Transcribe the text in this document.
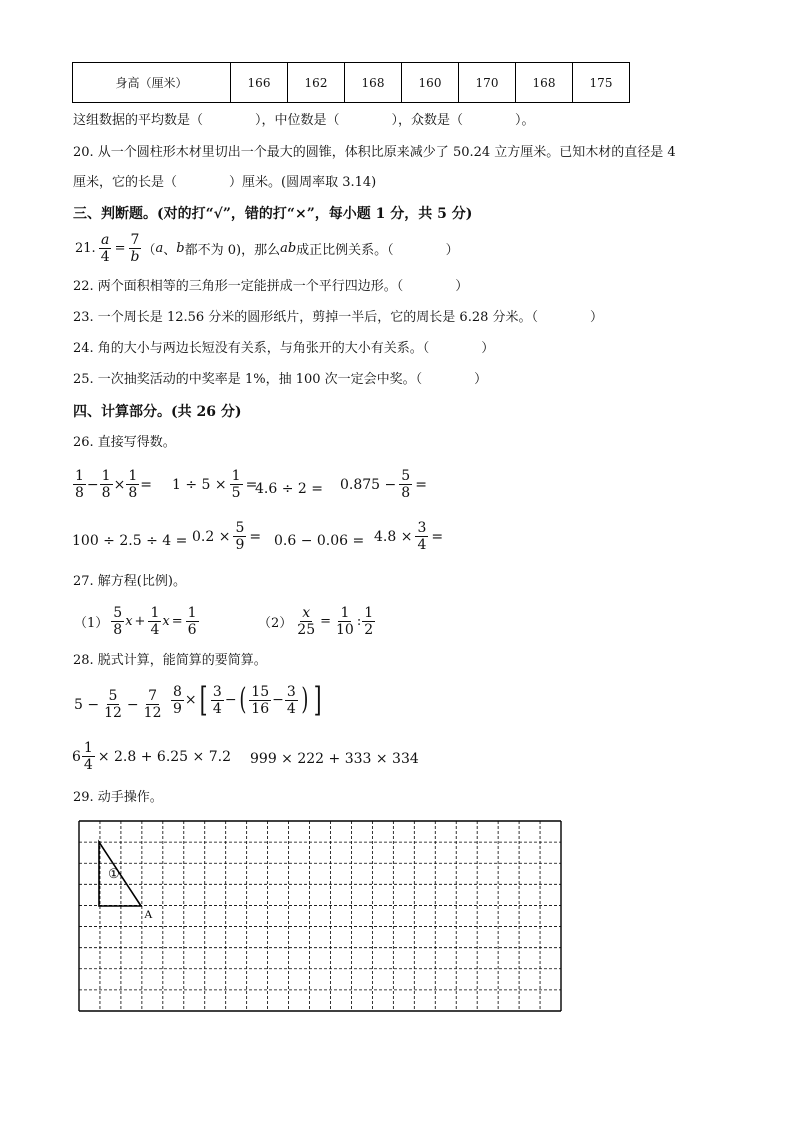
身高（厘米）	166	162	168	160	170	168	175
这组数据的平均数是（　　　　），中位数是（　　　　），众数是（　　　　）。
20. 从一个圆柱形木材里切出一个最大的圆锥，体积比原来减少了 50.24 立方厘米。已知木材的直径是 4
厘米，它的长是（　　　　）厘米。(圆周率取 3.14)
三、判断题。(对的打“√”，错的打“×”，每小题 1 分，共 5 分)
21. $\frac{a}{4} = \frac{7}{b}$ （ a 、 b 都不为 0)，那么 ab 成正比例关系。（　　　　）
22. 两个面积相等的三角形一定能拼成一个平行四边形。（　　　　）
23. 一个周长是 12.56 分米的圆形纸片，剪掉一半后，它的周长是 6.28 分米。（　　　　）
24. 角的大小与两边长短没有关系，与角张开的大小有关系。（　　　　）
25. 一次抽奖活动的中奖率是 1%，抽 100 次一定会中奖。（　　　　）
四、计算部分。(共 26 分)
26. 直接写得数。
$\frac{1}{8} - \frac{1}{8} \times \frac{1}{8} = 1 \div 5 \times \frac{1}{5}$ =
$4.6 \div 2 = 0.875 - \frac{5}{8}$ =
$100 \div 2.5 \div 4 = 0.2 \times \frac{5}{9} = 0.6 - 0.06 = 4.8 \times \frac{3}{4}$ =
27. 解方程(比例)。
$(1) \frac{5}{8}$ $x + \frac{1}{4}$ $x = \frac{1}{6}$	$(2) \frac{x}{25} = \frac{1}{10}$ : $\frac{1}{2}$
28. 脱式计算，能简算的要简算。
$5 - \frac{5}{12} - \frac{7}{12} \frac{8}{9}$ × [ $\frac{3}{4}$ − ( $\frac{15}{16} - \frac{3}{4}$ ) ]
$6 \frac{1}{4} \times 2.8 + 6.25 \times 7.2$ 999 × 222 + 333 × 334
29. 动手操作。
①
A
